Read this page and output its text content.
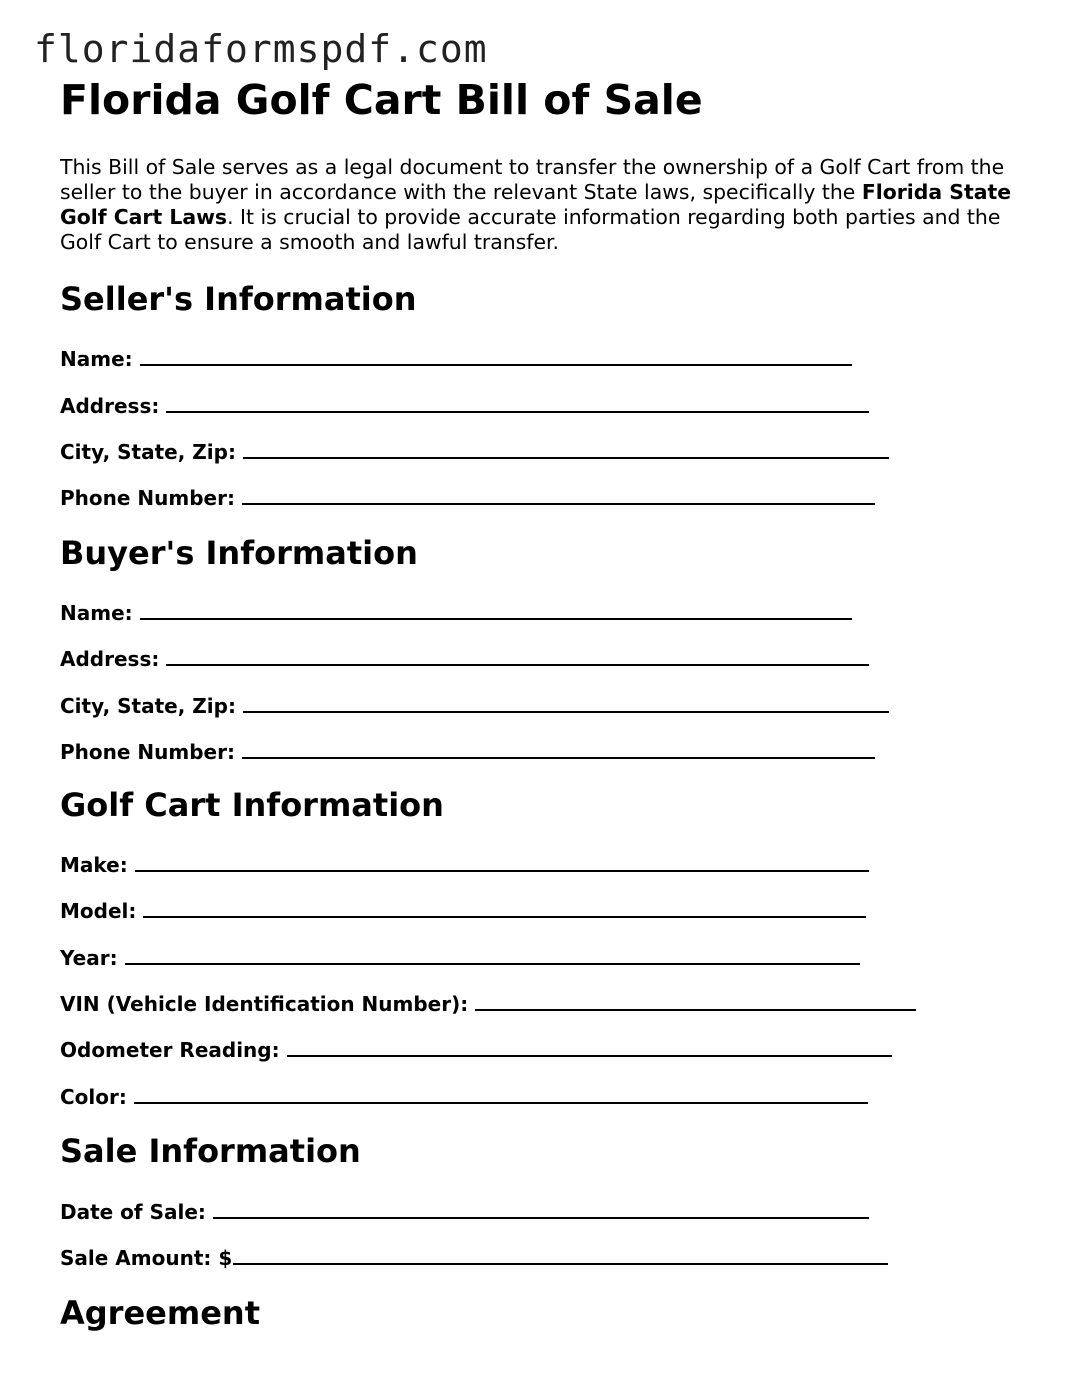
floridaformspdf.com
Florida Golf Cart Bill of Sale

This Bill of Sale serves as a legal document to transfer the ownership of a Golf Cart from the seller to the buyer in accordance with the relevant State laws, specifically the Florida State Golf Cart Laws. It is crucial to provide accurate information regarding both parties and the Golf Cart to ensure a smooth and lawful transfer.

Seller's Information
Name:
Address:
City, State, Zip:
Phone Number:
Buyer's Information
Name:
Address:
City, State, Zip:
Phone Number:
Golf Cart Information
Make:
Model:
Year:
VIN (Vehicle Identification Number):
Odometer Reading:
Color:
Sale Information
Date of Sale:
Sale Amount: $
Agreement
